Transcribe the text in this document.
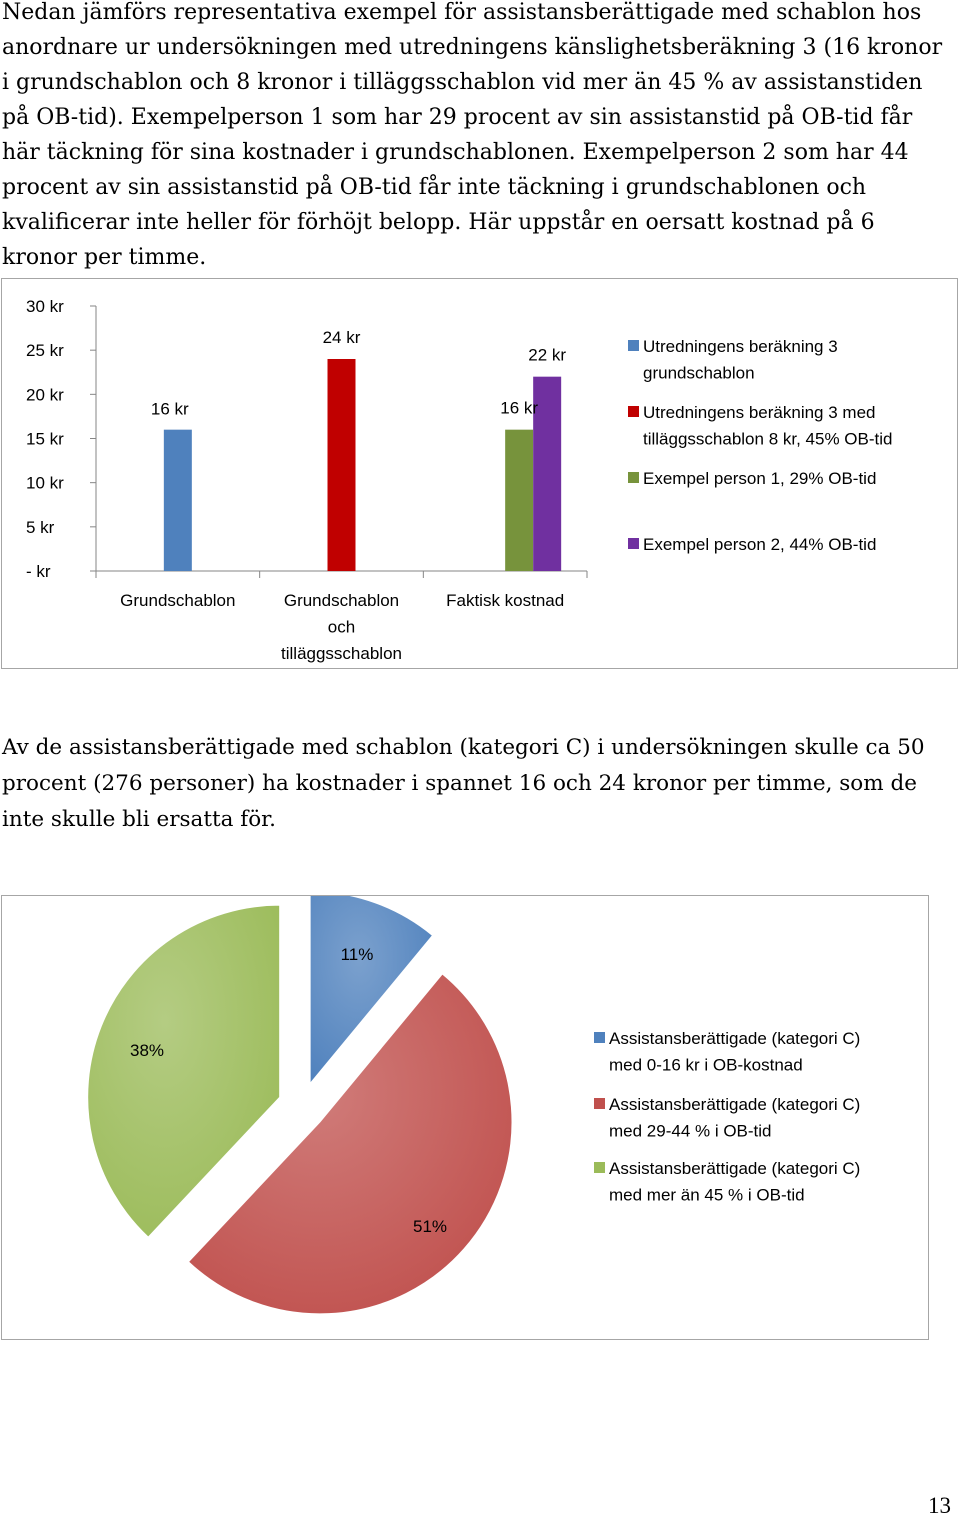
Nedan jämförs representativa exempel för assistansberättigade med schablon hos anordnare ur undersökningen med utredningens känslighetsberäkning 3 (16 kronor i grundschablon och 8 kronor i tilläggsschablon vid mer än 45 % av assistanstiden på OB-tid). Exempelperson 1 som har 29 procent av sin assistanstid på OB-tid får här täckning för sina kostnader i grundschablonen. Exempelperson 2 som har 44 procent av sin assistanstid på OB-tid får inte täckning i grundschablonen och kvalificerar inte heller för förhöjt belopp. Här uppstår en oersatt kostnad på 6 kronor per timme.

30 kr
25 kr
20 kr
15 kr
10 kr
5 kr
- kr
Grundschablon	Grundschablon och tilläggsschablon
Faktisk kostnad
16 kr
24 kr
16 kr
22 kr	Utredningens beräkning 3 grundschablon
Utredningens beräkning 3 med tilläggsschablon 8 kr, 45% OB-tid
Exempel person 1, 29% OB-tid
Exempel person 2, 44% OB-tid

Av de assistansberättigade med schablon (kategori C) i undersökningen skulle ca 50 procent (276 personer) ha kostnader i spannet 16 och 24 kronor per timme, som de inte skulle bli ersatta för.

11%
51%
38%
Assistansberättigade (kategori C) med 0-16 kr i OB-kostnad
Assistansberättigade (kategori C) med 29-44 % i OB-tid
Assistansberättigade (kategori C) med mer än 45 % i OB-tid

13
